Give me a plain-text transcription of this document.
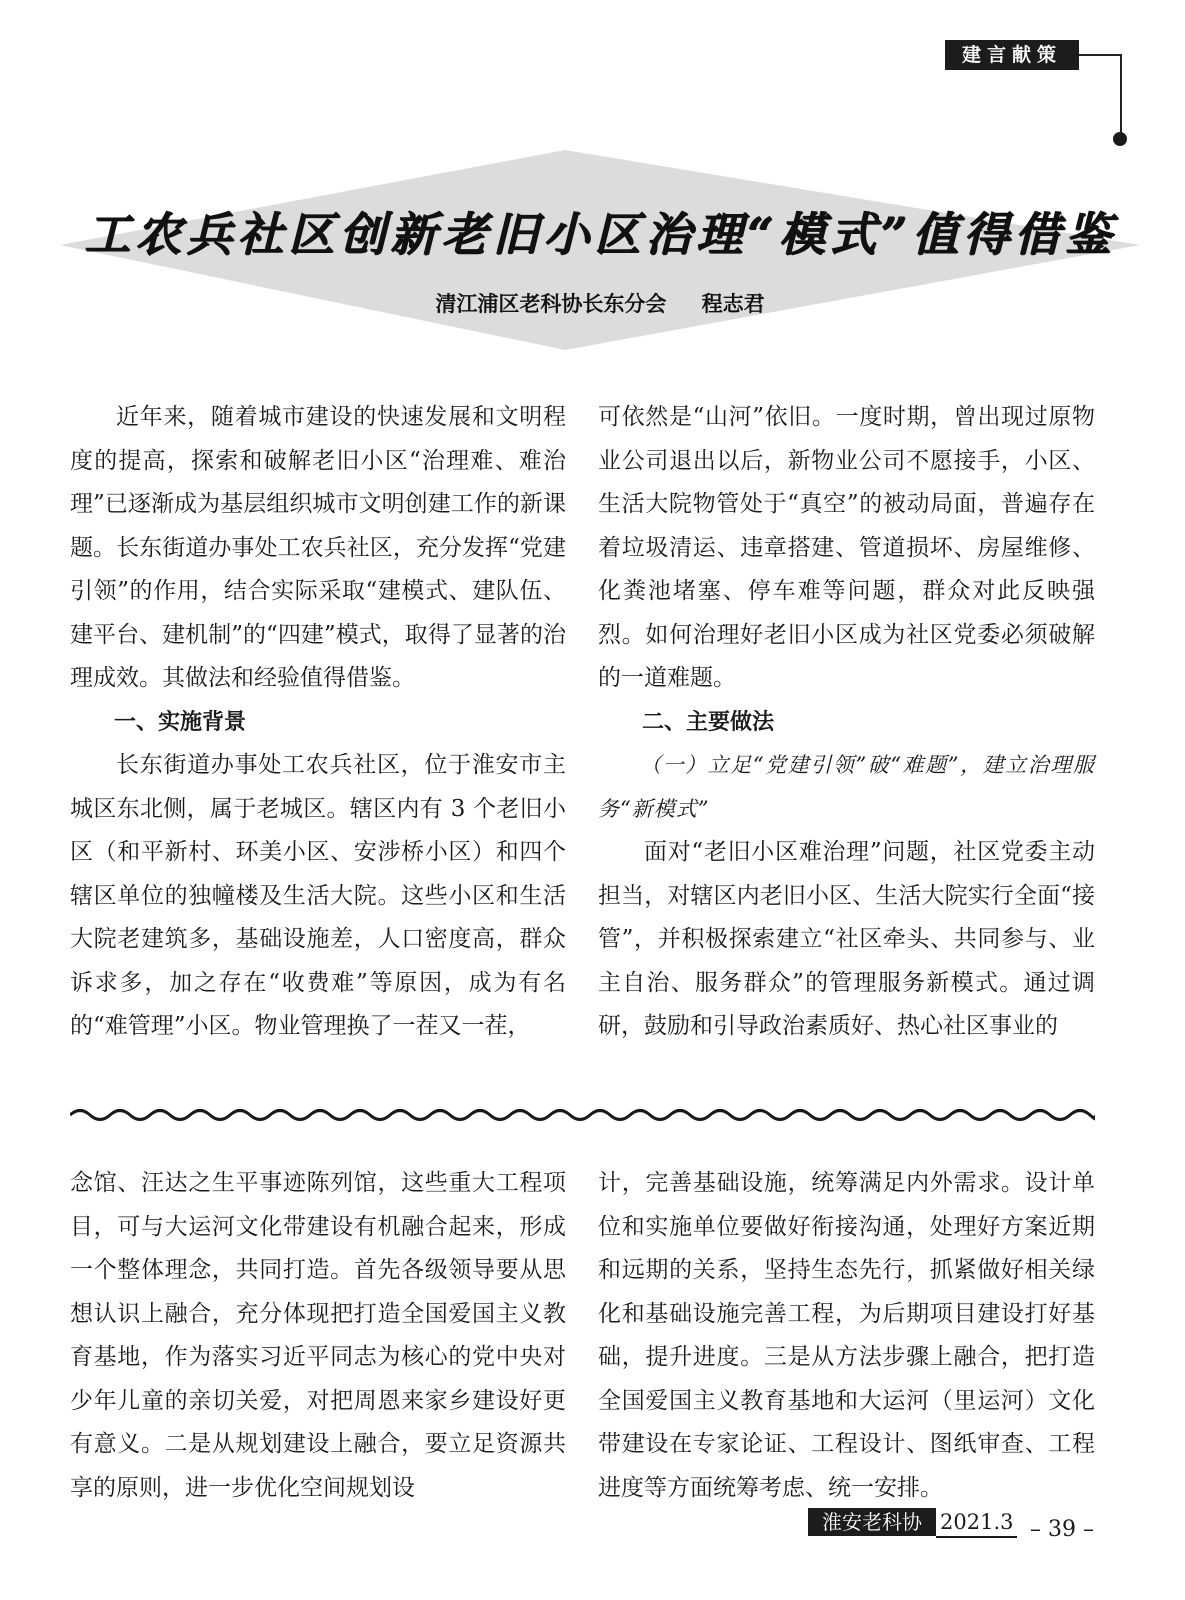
建言献策
工农兵社区创新老旧小区治理“模式”值得借鉴
清江浦区老科协长东分会 程志君

近年来，随着城市建设的快速发展和文明程度的提高，探索和破解老旧小区“治理难、难治理”已逐渐成为基层组织城市文明创建工作的新课题。长东街道办事处工农兵社区，充分发挥“党建引领”的作用，结合实际采取“建模式、建队伍、建平台、建机制”的“四建”模式，取得了显著的治理成效。其做法和经验值得借鉴。

一、实施背景

长东街道办事处工农兵社区，位于淮安市主城区东北侧，属于老城区。辖区内有 3 个老旧小区（和平新村、环美小区、安涉桥小区）和四个辖区单位的独幢楼及生活大院。这些小区和生活大院老建筑多，基础设施差，人口密度高，群众诉求多，加之存在“收费难”等原因，成为有名的“难管理”小区。物业管理换了一茬又一茬，

可依然是“山河”依旧。一度时期，曾出现过原物业公司退出以后，新物业公司不愿接手，小区、生活大院物管处于“真空”的被动局面，普遍存在着垃圾清运、违章搭建、管道损坏、房屋维修、化粪池堵塞、停车难等问题，群众对此反映强烈。如何治理好老旧小区成为社区党委必须破解的一道难题。

二、主要做法

（一）立足“党建引领”破“难题”，建立治理服务“新模式”

面对“老旧小区难治理”问题，社区党委主动担当，对辖区内老旧小区、生活大院实行全面“接管”，并积极探索建立“社区牵头、共同参与、业主自治、服务群众”的管理服务新模式。通过调研，鼓励和引导政治素质好、热心社区事业的

念馆、汪达之生平事迹陈列馆，这些重大工程项目，可与大运河文化带建设有机融合起来，形成一个整体理念，共同打造。首先各级领导要从思想认识上融合，充分体现把打造全国爱国主义教育基地，作为落实习近平同志为核心的党中央对少年儿童的亲切关爱，对把周恩来家乡建设好更有意义。二是从规划建设上融合，要立足资源共享的原则，进一步优化空间规划设

计，完善基础设施，统筹满足内外需求。设计单位和实施单位要做好衔接沟通，处理好方案近期和远期的关系，坚持生态先行，抓紧做好相关绿化和基础设施完善工程，为后期项目建设打好基础，提升进度。三是从方法步骤上融合，把打造全国爱国主义教育基地和大运河（里运河）文化带建设在专家论证、工程设计、图纸审查、工程进度等方面统筹考虑、统一安排。

淮安老科协 2021.3 – 39 –
